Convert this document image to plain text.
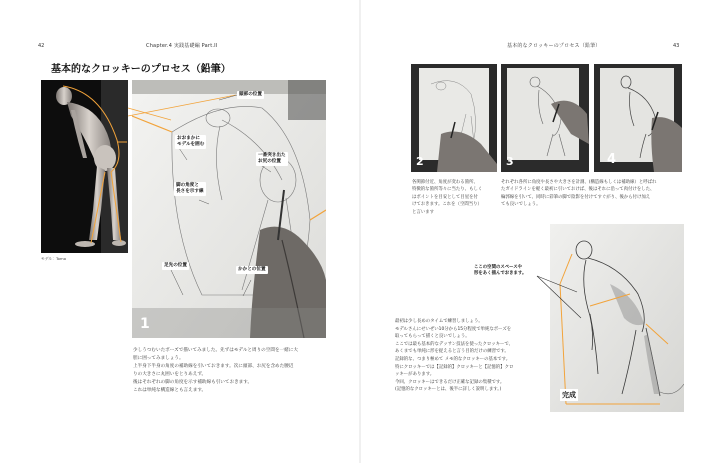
42	Chapter.4 実践基礎編 Part.II
基本的なクロッキーのプロセス（鉛筆）
モデル：Tomo
1
頭部の位置
おおまかに
モデルを囲む
一番突き出た
お尻の位置
脚の角度と
長さを示す線
足先の位置
かかとの位置
少しうつむいたポーズで描いてみました。先ずはモデルと周りの空間を一緒に大
胆に囲ってみましょう。
上半身下半身の角度の補助線を引いておきます。次に頭部、お尻を含めた腰辺
りの大きさに丸囲いをとりあえず。
後はそれぞれの脚の角度を示す補助線も引いておきます。
これは単純な構造線とも言えます。
基本的なクロッキーのプロセス（鉛筆）	43
2	3	4
各関節付近、角度が変わる箇所、
特徴的な箇所等々に当たり、もしく
はポイントを目安として目星を付
けておきます。これを（空間当り）
と言います
それぞれ各所に角度や長さや大きさを計測、(構造線もしくは補助線）と呼ばれ
たガイドラインを軽く最初に引いておけば、後はそれに沿って肉付けをした、
輪郭線を引いて、同時に彩筆の脚で陰影を付けてすぐがり、後から付け加え
ても良いでしょう。
ここの空間のスペースや
形をあく描んでおきます。
完成
最初は少し長めのタイムで練習しましょう。
モデルさんにせいぜい10分から15分程度で単純なポーズを
取ってもらって描くと良いでしょう。
ここでは最も基本的なデッサン技法を使ったクロッキーで、
あくまでも単純に形を捉えると言う目的だけの練習です。
記録的な、つまり極めて メモ的なクロッキーの基本です。
特にクロッキーでは【記録的】クロッキーと【記憶的】クロ
ッキーがあります。
今回、クロッキーはできるだけ正確な記録の集積です。
(記憶的なクロッキーとは、後半に詳しく説明します。)
